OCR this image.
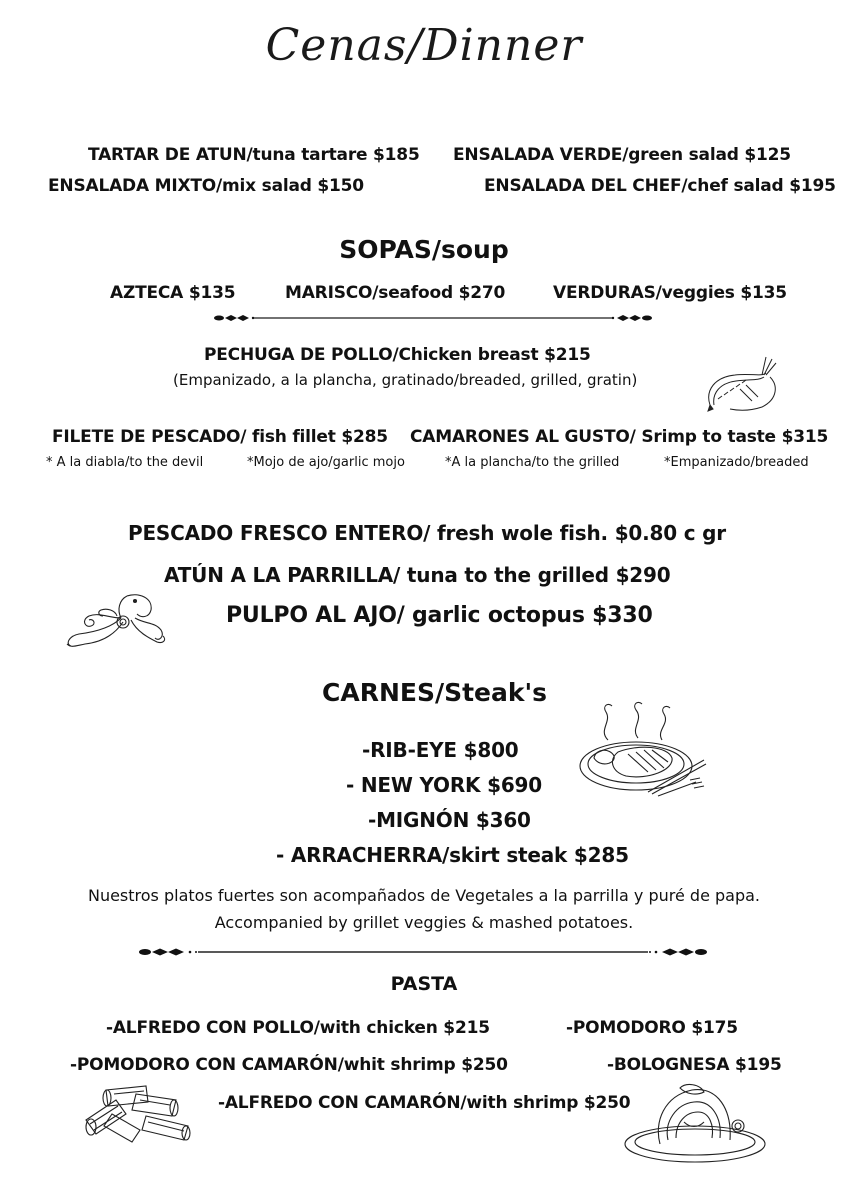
Cenas/Dinner
TARTAR DE ATUN/tuna tartare $185 ENSALADA VERDE/green salad $125
ENSALADA MIXTO/mix salad $150	ENSALADA DEL CHEF/chef salad $195
SOPAS/soup
AZTECA $135	MARISCO/seafood $270	VERDURAS/veggies $135
PECHUGA DE POLLO/Chicken breast $215
(Empanizado, a la plancha, gratinado/breaded, grilled, gratin)
FILETE DE PESCADO/ fish fillet $285 CAMARONES AL GUSTO/ Srimp to taste $315
* A la diabla/to the devil	*Mojo de ajo/garlic mojo	*A la plancha/to the grilled	*Empanizado/breaded
PESCADO FRESCO ENTERO/ fresh wole fish. $0.80 c gr
ATÚN A LA PARRILLA/ tuna to the grilled $290
PULPO AL AJO/ garlic octopus $330
CARNES/Steak's
-RIB-EYE $800
- NEW YORK $690
-MIGNÓN $360
- ARRACHERRA/skirt steak $285
Nuestros platos fuertes son acompañados de Vegetales a la parrilla y puré de papa.
Accompanied by grillet veggies & mashed potatoes.
PASTA
-ALFREDO CON POLLO/with chicken $215	-POMODORO $175
-POMODORO CON CAMARÓN/whit shrimp $250	-BOLOGNESA $195
-ALFREDO CON CAMARÓN/with shrimp $250
